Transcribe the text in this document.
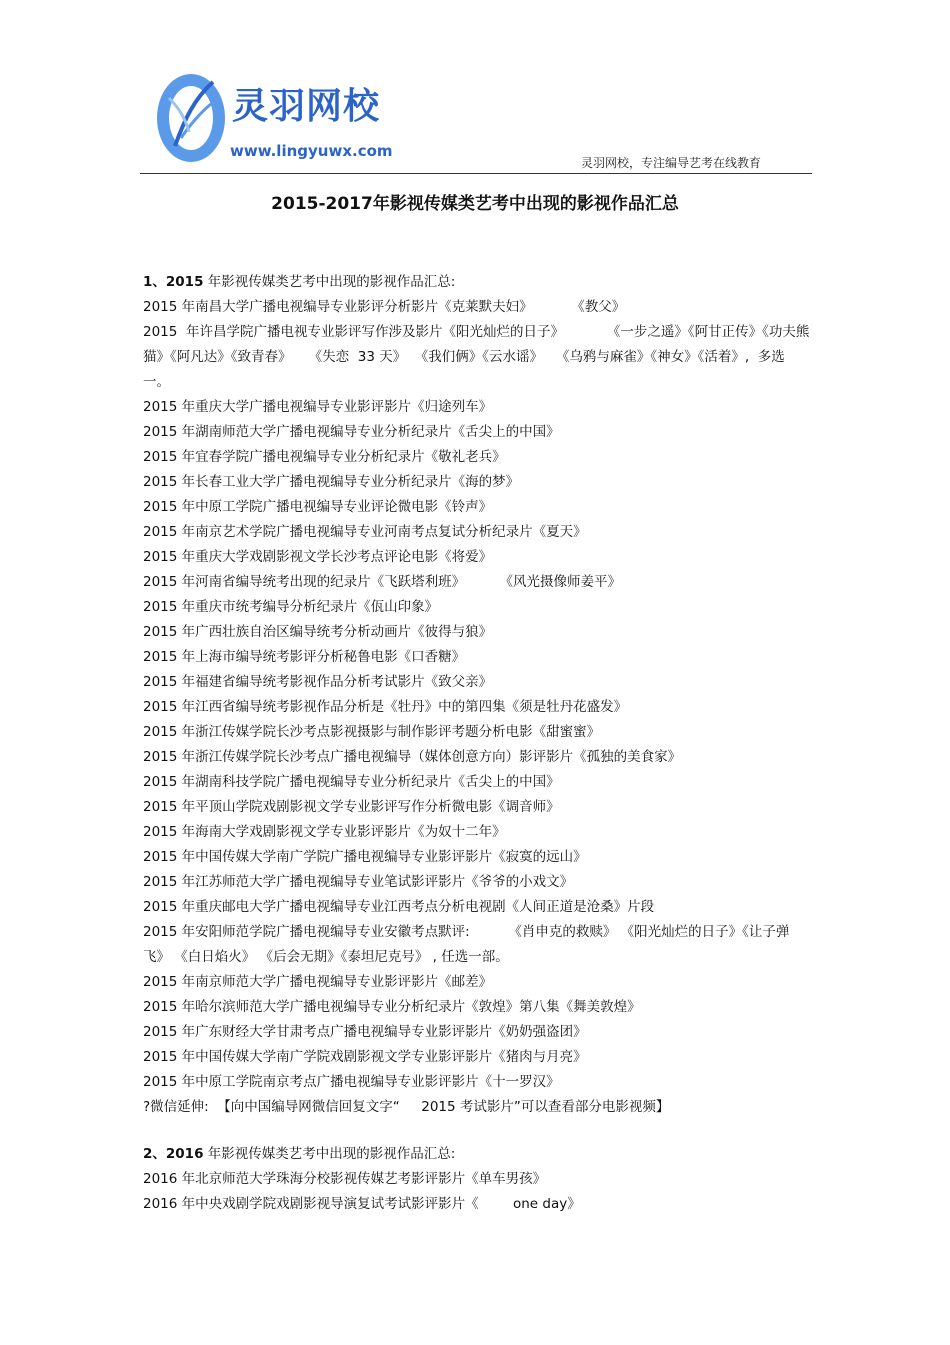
灵羽网校
www.lingyuwx.com
灵羽网校，专注编导艺考在线教育
2015-2017年影视传媒类艺考中出现的影视作品汇总
1、2015 年影视传媒类艺考中出现的影视作品汇总:
2015 年南昌大学广播电视编导专业影评分析影片《克莱默夫妇》         《教父》
2015  年许昌学院广播电视专业影评写作涉及影片《阳光灿烂的日子》          《一步之遥》《阿甘正传》《功夫熊猫》《阿凡达》《致青春》    《失恋  33 天》  《我们俩》《云水谣》   《乌鸦与麻雀》《神女》《活着》,  多选一。
2015 年重庆大学广播电视编导专业影评影片《归途列车》
2015 年湖南师范大学广播电视编导专业分析纪录片《舌尖上的中国》
2015 年宜春学院广播电视编导专业分析纪录片《敬礼老兵》
2015 年长春工业大学广播电视编导专业分析纪录片《海的梦》
2015 年中原工学院广播电视编导专业评论微电影《铃声》
2015 年南京艺术学院广播电视编导专业河南考点复试分析纪录片《夏天》
2015 年重庆大学戏剧影视文学长沙考点评论电影《将爱》
2015 年河南省编导统考出现的纪录片《飞跃塔利班》        《风光摄像师姜平》
2015 年重庆市统考编导分析纪录片《佤山印象》
2015 年广西壮族自治区编导统考分析动画片《彼得与狼》
2015 年上海市编导统考影评分析秘鲁电影《口香糖》
2015 年福建省编导统考影视作品分析考试影片《致父亲》
2015 年江西省编导统考影视作品分析是《牡丹》中的第四集《须是牡丹花盛发》
2015 年浙江传媒学院长沙考点影视摄影与制作影评考题分析电影《甜蜜蜜》
2015 年浙江传媒学院长沙考点广播电视编导（媒体创意方向）影评影片《孤独的美食家》
2015 年湖南科技学院广播电视编导专业分析纪录片《舌尖上的中国》
2015 年平顶山学院戏剧影视文学专业影评写作分析微电影《调音师》
2015 年海南大学戏剧影视文学专业影评影片《为奴十二年》
2015 年中国传媒大学南广学院广播电视编导专业影评影片《寂寞的远山》
2015 年江苏师范大学广播电视编导专业笔试影评影片《爷爷的小戏文》
2015 年重庆邮电大学广播电视编导专业江西考点分析电视剧《人间正道是沧桑》片段
2015 年安阳师范学院广播电视编导专业安徽考点默评:         《肖申克的救赎》 《阳光灿烂的日子》《让子弹飞》 《白日焰火》 《后会无期》《泰坦尼克号》 , 任选一部。
2015 年南京师范大学广播电视编导专业影评影片《邮差》
2015 年哈尔滨师范大学广播电视编导专业分析纪录片《敦煌》第八集《舞美敦煌》
2015 年广东财经大学甘肃考点广播电视编导专业影评影片《奶奶强盗团》
2015 年中国传媒大学南广学院戏剧影视文学专业影评影片《猪肉与月亮》
2015 年中原工学院南京考点广播电视编导专业影评影片《十一罗汉》
?微信延伸:  【向中国编导网微信回复文字“     2015 考试影片”可以查看部分电影视频】
2、2016 年影视传媒类艺考中出现的影视作品汇总:
2016 年北京师范大学珠海分校影视传媒艺考影评影片《单车男孩》
2016 年中央戏剧学院戏剧影视导演复试考试影评影片《        one day》
